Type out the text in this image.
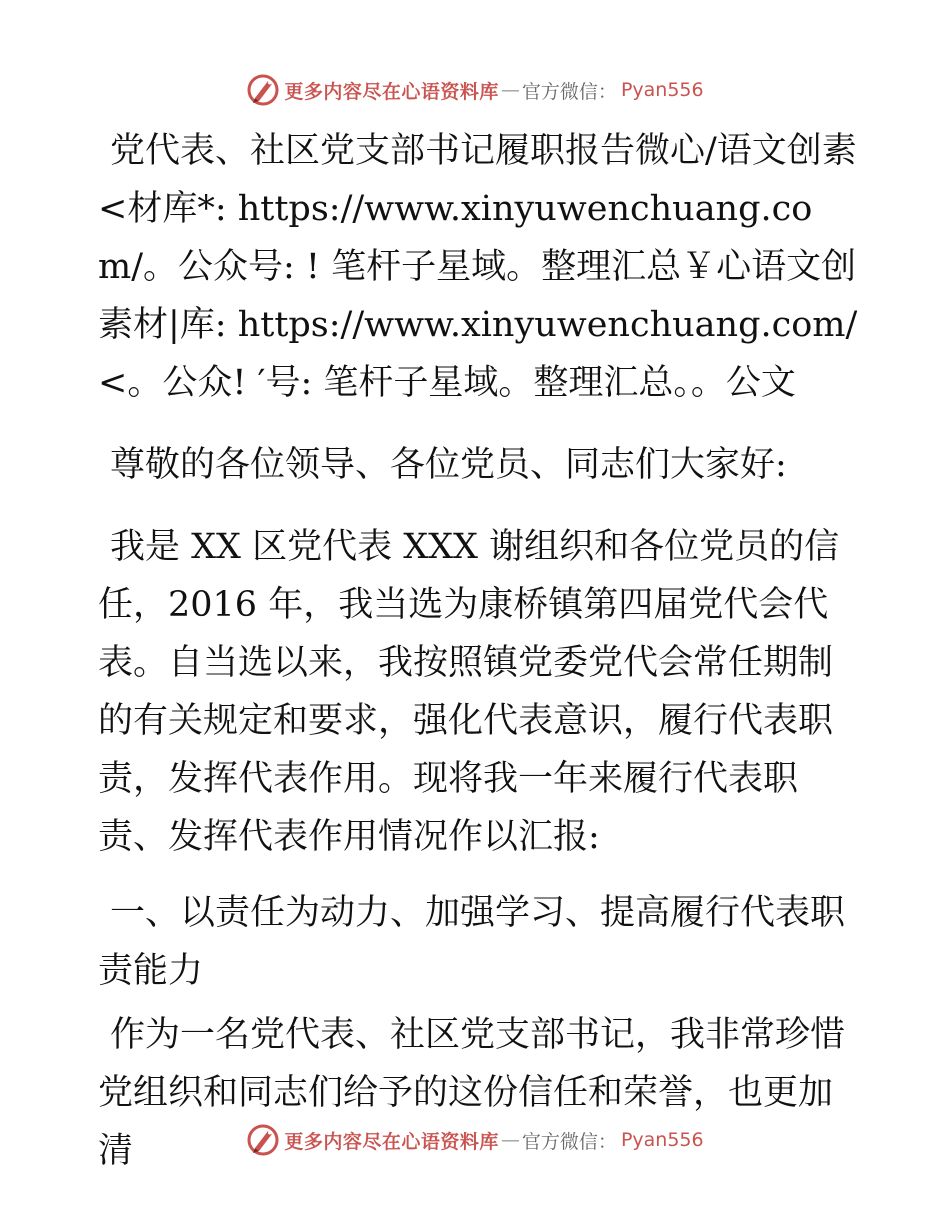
更多内容尽在心语资料库 — 官方微信： Pyan556

党代表、社区党支部书记履职报告微心/语文创素<材库*: https://www.xinyuwenchuang.com/。公众号: ! 笔杆子星域。整理汇总￥心语文创素材|库: https://www.xinyuwenchuang.com/<。公众! ′号: 笔杆子星域。整理汇总。。公文

尊敬的各位领导、各位党员、同志们大家好:

我是 XX 区党代表 XXX 谢组织和各位党员的信任，2016 年，我当选为康桥镇第四届党代会代表。自当选以来，我按照镇党委党代会常任期制的有关规定和要求，强化代表意识，履行代表职责，发挥代表作用。现将我一年来履行代表职责、发挥代表作用情况作以汇报:

一、以责任为动力、加强学习、提高履行代表职责能力

作为一名党代表、社区党支部书记，我非常珍惜党组织和同志们给予的这份信任和荣誉，也更加清	更多内容尽在心语资料库 — 官方微信： Pyan556
